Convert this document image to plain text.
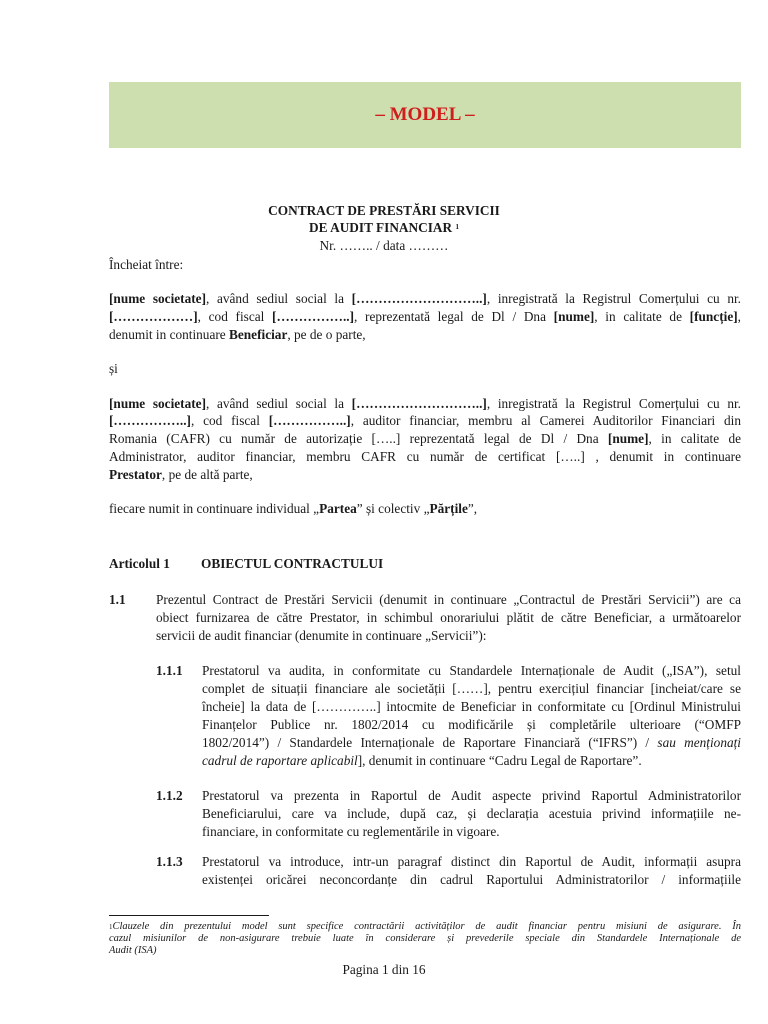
– MODEL –
CONTRACT DE PRESTĂRI SERVICII
DE AUDIT FINANCIAR $^1$
Nr. …….. / data ………
Încheiat între:
[nume societate], având sediul social la [………………………..], inregistrată la Registrul Comerțului cu nr.
[………………], cod fiscal [……………..], reprezentată legal de Dl / Dna [nume], in calitate de [funcție],
denumit in continuare Beneficiar, pe de o parte,
și
[nume societate], având sediul social la [………………………..], inregistrată la Registrul Comerțului cu nr.
[……………..], cod fiscal [……………..], auditor financiar, membru al Camerei Auditorilor Financiari din
Romania (CAFR) cu număr de autorizație […..] reprezentată legal de Dl / Dna [nume], in calitate de
Administrator, auditor financiar, membru CAFR cu număr de certificat […..] , denumit in continuare
Prestator, pe de altă parte,
fiecare numit in continuare individual „Partea” și colectiv „Părțile”,
Articolul 1 OBIECTUL CONTRACTULUI
1.1 Prezentul Contract de Prestări Servicii (denumit in continuare „Contractul de Prestări Servicii”) are ca
obiect furnizarea de către Prestator, in schimbul onorariului plătit de către Beneficiar, a următoarelor
servicii de audit financiar (denumite in continuare „Servicii”):
1.1.1 Prestatorul va audita, in conformitate cu Standardele Internaționale de Audit („ISA”), setul
complet de situații financiare ale societății [……], pentru exercițiul financiar [incheiat/care se
încheie] la data de […………..] intocmite de Beneficiar in conformitate cu [Ordinul Ministrului
Finanțelor Publice nr. 1802/2014 cu modificările și completările ulterioare (“OMFP
1802/2014”) / Standardele Internaționale de Raportare Financiară (“IFRS”) / sau menționați
cadrul de raportare aplicabil], denumit in continuare “Cadru Legal de Raportare”.
1.1.2 Prestatorul va prezenta in Raportul de Audit aspecte privind Raportul Administratorilor
Beneficiarului, care va include, după caz, și declarația acestuia privind informațiile ne-
financiare, in conformitate cu reglementările in vigoare.
1.1.3 Prestatorul va introduce, intr-un paragraf distinct din Raportul de Audit, informații asupra
existenței oricărei neconcordanțe din cadrul Raportului Administratorilor / informațiile
$^1$Clauzele din prezentului model sunt specifice contractării activităților de audit financiar pentru misiuni de asigurare. În
cazul misiunilor de non-asigurare trebuie luate în considerare și prevederile speciale din Standardele Internaționale de
Audit (ISA)
Pagina 1 din 16
